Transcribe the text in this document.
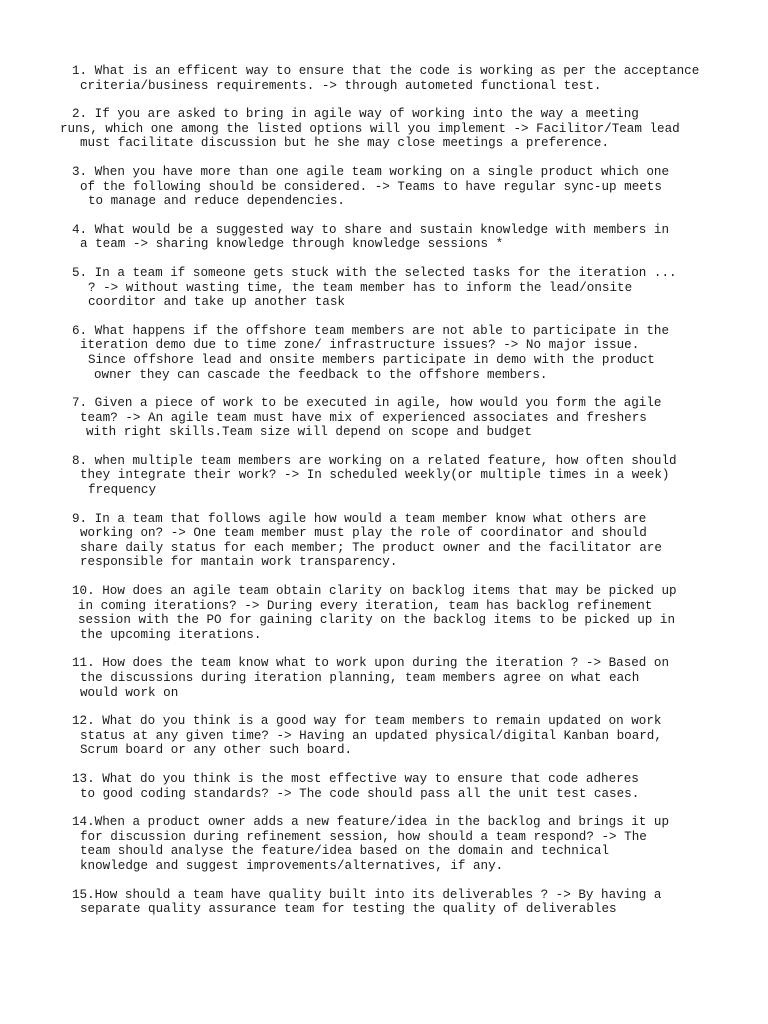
1. What is an efficent way to ensure that the code is working as per the acceptance
criteria/business requirements. -> through autometed functional test.
2. If you are asked to bring in agile way of working into the way a meeting
runs, which one among the listed options will you implement -> Facilitor/Team lead
must facilitate discussion but he she may close meetings a preference.
3. When you have more than one agile team working on a single product which one
of the following should be considered. -> Teams to have regular sync-up meets
to manage and reduce dependencies.
4. What would be a suggested way to share and sustain knowledge with members in
a team -> sharing knowledge through knowledge sessions *
5. In a team if someone gets stuck with the selected tasks for the iteration ...
? -> without wasting time, the team member has to inform the lead/onsite
coorditor and take up another task
6. What happens if the offshore team members are not able to participate in the
iteration demo due to time zone/ infrastructure issues? -> No major issue.
Since offshore lead and onsite members participate in demo with the product
owner they can cascade the feedback to the offshore members.
7. Given a piece of work to be executed in agile, how would you form the agile
team? -> An agile team must have mix of experienced associates and freshers
with right skills.Team size will depend on scope and budget
8. when multiple team members are working on a related feature, how often should
they integrate their work? -> In scheduled weekly(or multiple times in a week)
frequency
9. In a team that follows agile how would a team member know what others are
working on? -> One team member must play the role of coordinator and should
share daily status for each member; The product owner and the facilitator are
responsible for mantain work transparency.
10. How does an agile team obtain clarity on backlog items that may be picked up
in coming iterations? -> During every iteration, team has backlog refinement
session with the PO for gaining clarity on the backlog items to be picked up in
the upcoming iterations.
11. How does the team know what to work upon during the iteration ? -> Based on
the discussions during iteration planning, team members agree on what each
would work on
12. What do you think is a good way for team members to remain updated on work
status at any given time? -> Having an updated physical/digital Kanban board,
Scrum board or any other such board.
13. What do you think is the most effective way to ensure that code adheres
to good coding standards? -> The code should pass all the unit test cases.
14.When a product owner adds a new feature/idea in the backlog and brings it up
for discussion during refinement session, how should a team respond? -> The
team should analyse the feature/idea based on the domain and technical
knowledge and suggest improvements/alternatives, if any.
15.How should a team have quality built into its deliverables ? -> By having a
separate quality assurance team for testing the quality of deliverables
